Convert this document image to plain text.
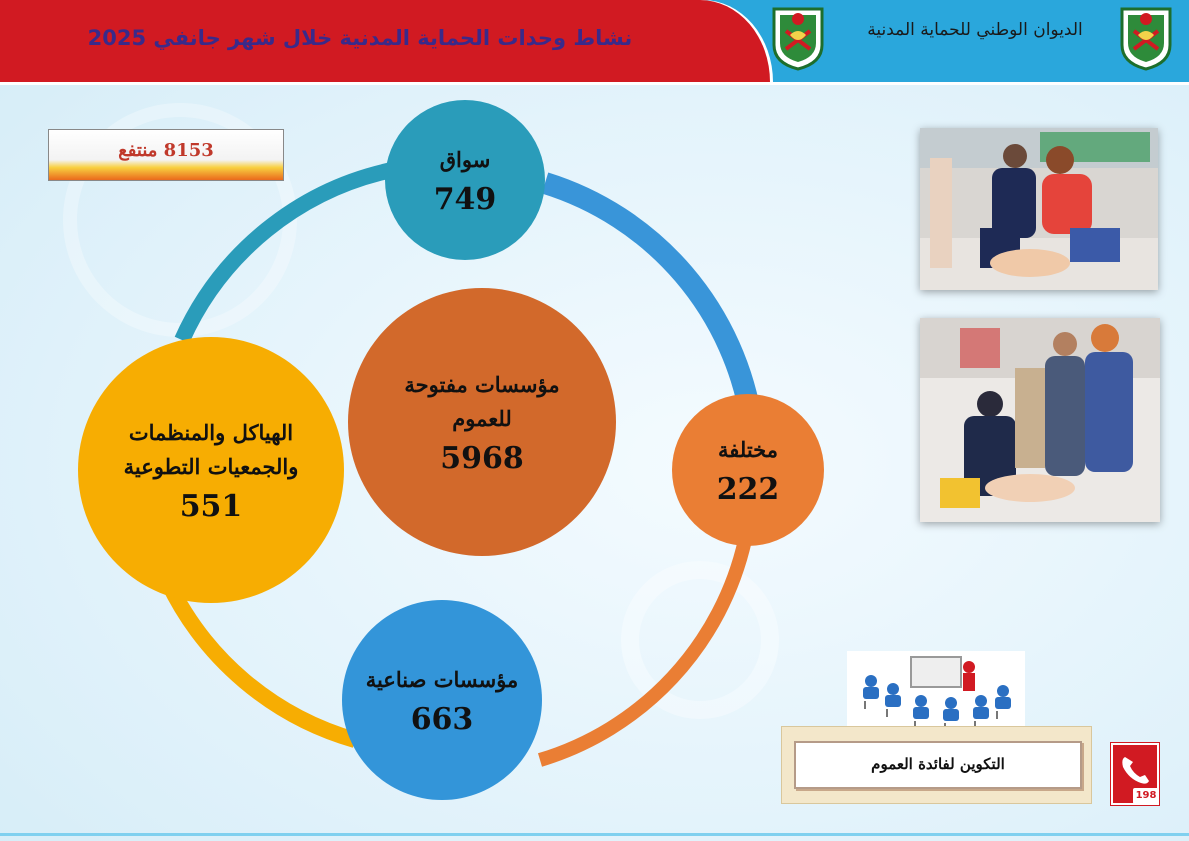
نشاط وحدات الحماية المدنية خلال شهر جانفي 2025	الديوان الوطني للحماية المدنية
8153 منتفع	سواق
749
مؤسسات مفتوحة
للعموم
5968
الهياكل والمنظمات
والجمعيات التطوعية
551
مختلفة
222
مؤسسات صناعية
663
التكوين لفائدة العموم
198
